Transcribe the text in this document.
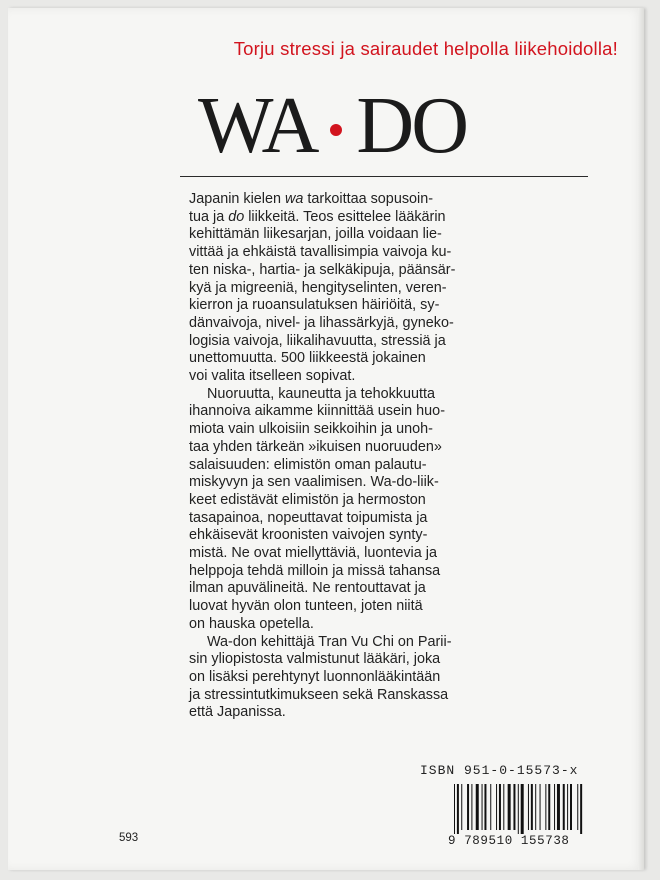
Torju stressi ja sairaudet helpolla liikehoidolla!
WA DO
Japanin kielen wa tarkoittaa sopusoin-
tua ja do liikkeitä. Teos esittelee lääkärin
kehittämän liikesarjan, joilla voidaan lie-
vittää ja ehkäistä tavallisimpia vaivoja ku-
ten niska-, hartia- ja selkäkipuja, päänsär-
kyä ja migreeniä, hengityselinten, veren-
kierron ja ruoansulatuksen häiriöitä, sy-
dänvaivoja, nivel- ja lihassärkyjä, gyneko-
logisia vaivoja, liikalihavuutta, stressiä ja
unettomuutta. 500 liikkeestä jokainen
voi valita itselleen sopivat.
Nuoruutta, kauneutta ja tehokkuutta
ihannoiva aikamme kiinnittää usein huo-
miota vain ulkoisiin seikkoihin ja unoh-
taa yhden tärkeän »ikuisen nuoruuden»
salaisuuden: elimistön oman palautu-
miskyvyn ja sen vaalimisen. Wa-do-liik-
keet edistävät elimistön ja hermoston
tasapainoa, nopeuttavat toipumista ja
ehkäisevät kroonisten vaivojen synty-
mistä. Ne ovat miellyttäviä, luontevia ja
helppoja tehdä milloin ja missä tahansa
ilman apuvälineitä. Ne rentouttavat ja
luovat hyvän olon tunteen, joten niitä
on hauska opetella.
Wa-don kehittäjä Tran Vu Chi on Parii-
sin yliopistosta valmistunut lääkäri, joka
on lisäksi perehtynyt luonnonlääkintään
ja stressintutkimukseen sekä Ranskassa
että Japanissa.
ISBN 951-0-15573-x
9 789510 155738
593
